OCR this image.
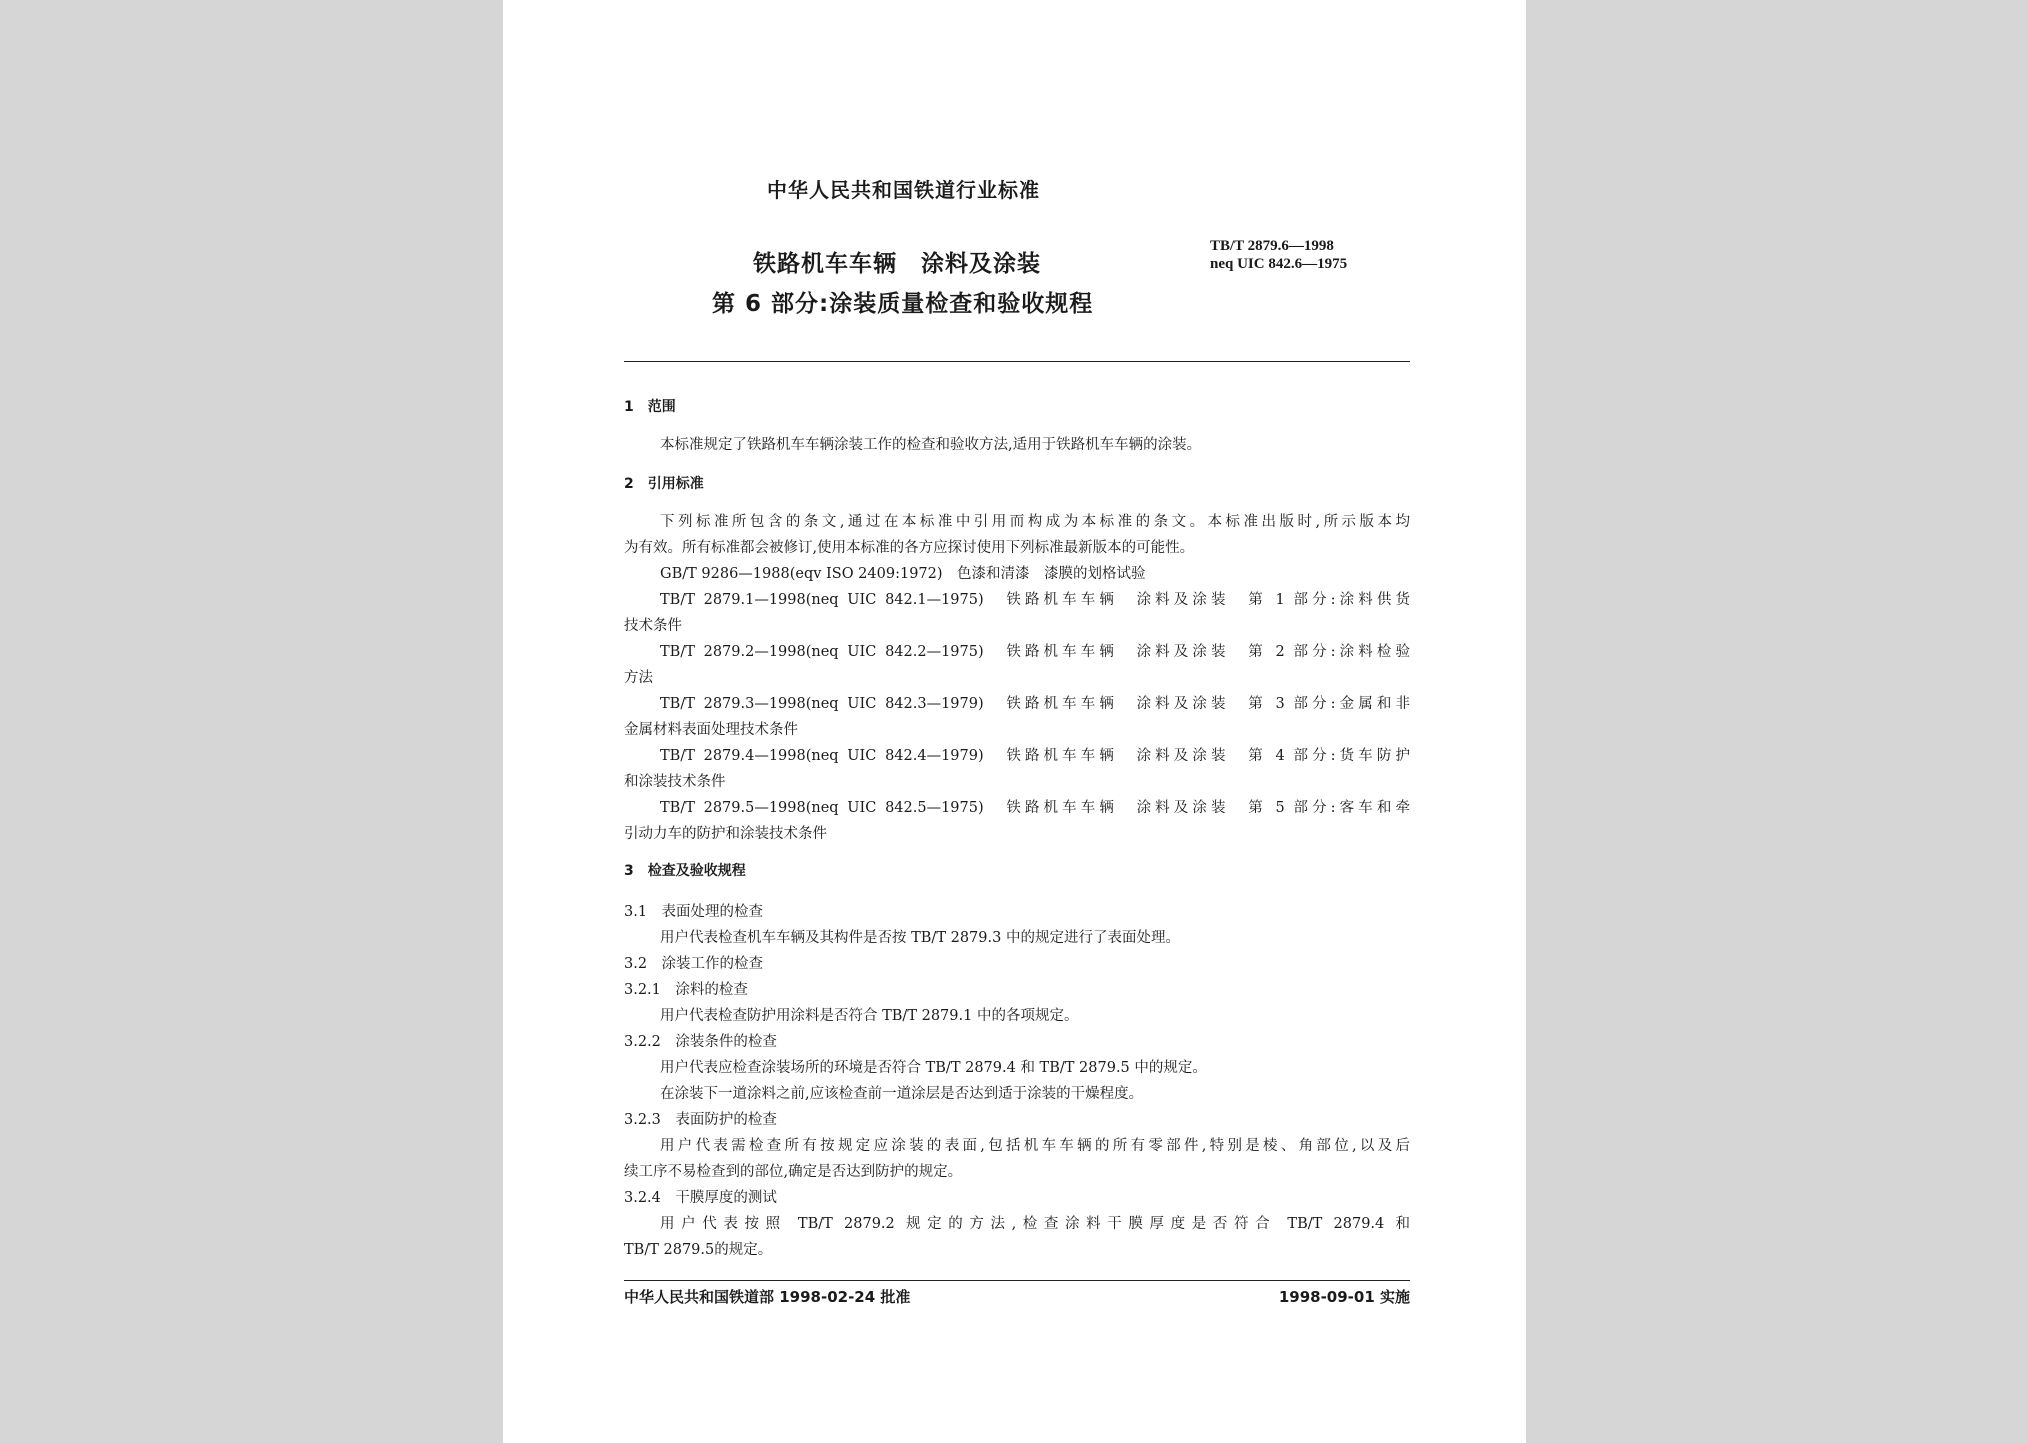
中华人民共和国铁道行业标准
铁路机车车辆　涂料及涂装
第 6 部分:涂装质量检查和验收规程
TB/T 2879.6—1998
neq UIC 842.6—1975

1　范围

本标准规定了铁路机车车辆涂装工作的检查和验收方法,适用于铁路机车车辆的涂装。

2　引用标准

下列标准所包含的条文,通过在本标准中引用而构成为本标准的条文。本标准出版时,所示版本均

为有效。所有标准都会被修订,使用本标准的各方应探讨使用下列标准最新版本的可能性。

GB/T 9286—1988(eqv ISO 2409:1972)　色漆和清漆　漆膜的划格试验

TB/T 2879.1—1998(neq UIC 842.1—1975)　铁路机车车辆　涂料及涂装　第 1 部分:涂料供货

技术条件

TB/T 2879.2—1998(neq UIC 842.2—1975)　铁路机车车辆　涂料及涂装　第 2 部分:涂料检验

方法

TB/T 2879.3—1998(neq UIC 842.3—1979)　铁路机车车辆　涂料及涂装　第 3 部分:金属和非

金属材料表面处理技术条件

TB/T 2879.4—1998(neq UIC 842.4—1979)　铁路机车车辆　涂料及涂装　第 4 部分:货车防护

和涂装技术条件

TB/T 2879.5—1998(neq UIC 842.5—1975)　铁路机车车辆　涂料及涂装　第 5 部分:客车和牵

引动力车的防护和涂装技术条件

3　检查及验收规程

3.1　表面处理的检查

用户代表检查机车车辆及其构件是否按 TB/T 2879.3 中的规定进行了表面处理。

3.2　涂装工作的检查

3.2.1　涂料的检查

用户代表检查防护用涂料是否符合 TB/T 2879.1 中的各项规定。

3.2.2　涂装条件的检查

用户代表应检查涂装场所的环境是否符合 TB/T 2879.4 和 TB/T 2879.5 中的规定。

在涂装下一道涂料之前,应该检查前一道涂层是否达到适于涂装的干燥程度。

3.2.3　表面防护的检查

用户代表需检查所有按规定应涂装的表面,包括机车车辆的所有零部件,特别是棱、角部位,以及后

续工序不易检查到的部位,确定是否达到防护的规定。

3.2.4　干膜厚度的测试

用户代表按照 TB/T 2879.2 规定的方法,检查涂料干膜厚度是否符合 TB/T 2879.4 和

TB/T 2879.5的规定。

中华人民共和国铁道部 1998-02-24 批准	1998-09-01 实施
